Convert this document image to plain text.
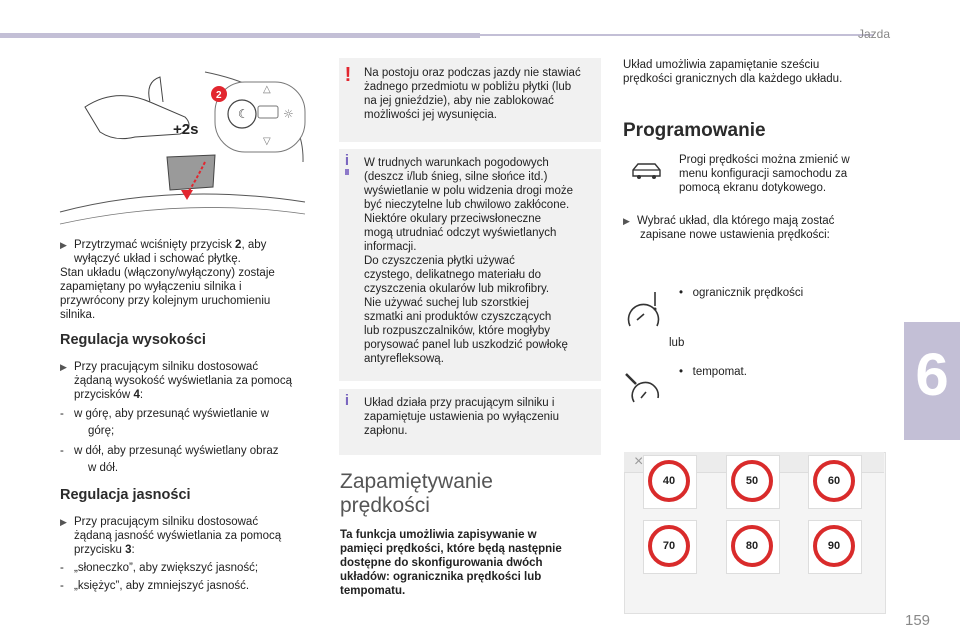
Jazda
6
159
☾	☼
△
▽
2
+2s
▶ Przytrzymać wciśnięty przycisk 2, aby
wyłączyć układ i schować płytkę.
Stan układu (włączony/wyłączony) zostaje
zapamiętany po wyłączeniu silnika i
przywrócony przy kolejnym uruchomieniu
silnika.
Regulacja wysokości
▶ Przy pracującym silniku dostosować
żądaną wysokość wyświetlania za pomocą
przycisków 4:
- w górę, aby przesunąć wyświetlanie w
górę;
- w dół, aby przesunąć wyświetlany obraz
w dół.
Regulacja jasności
▶ Przy pracującym silniku dostosować
żądaną jasność wyświetlania za pomocą
przycisku 3:
- „słoneczko”, aby zwiększyć jasność;
- „księżyc”, aby zmniejszyć jasność.
! Na postoju oraz podczas jazdy nie stawiać
żadnego przedmiotu w pobliżu płytki (lub
na jej gnieździe), aby nie zablokować
możliwości jej wysunięcia.
i W trudnych warunkach pogodowych
(deszcz i/lub śnieg, silne słońce itd.)
wyświetlanie w polu widzenia drogi może
być nieczytelne lub chwilowo zakłócone.
Niektóre okulary przeciwsłoneczne
mogą utrudniać odczyt wyświetlanych
informacji.
Do czyszczenia płytki używać
czystego, delikatnego materiału do
czyszczenia okularów lub mikrofibry.
Nie używać suchej lub szorstkiej
szmatki ani produktów czyszczących
lub rozpuszczalników, które mogłyby
porysować panel lub uszkodzić powłokę
antyrefleksową.
i Układ działa przy pracującym silniku i
zapamiętuje ustawienia po wyłączeniu
zapłonu.
Zapamiętywanie
prędkości
Ta funkcja umożliwia zapisywanie w
pamięci prędkości, które będą następnie
dostępne do skonfigurowania dwóch
układów: ogranicznika prędkości lub
tempomatu.
Układ umożliwia zapamiętanie sześciu
prędkości granicznych dla każdego układu.
Programowanie
Progi prędkości można zmienić w
menu konfiguracji samochodu za
pomocą ekranu dotykowego.
▶ Wybrać układ, dla którego mają zostać
zapisane nowe ustawienia prędkości:
• ogranicznik prędkości
lub
• tempomat.
×
40	50	60
70	80	90
